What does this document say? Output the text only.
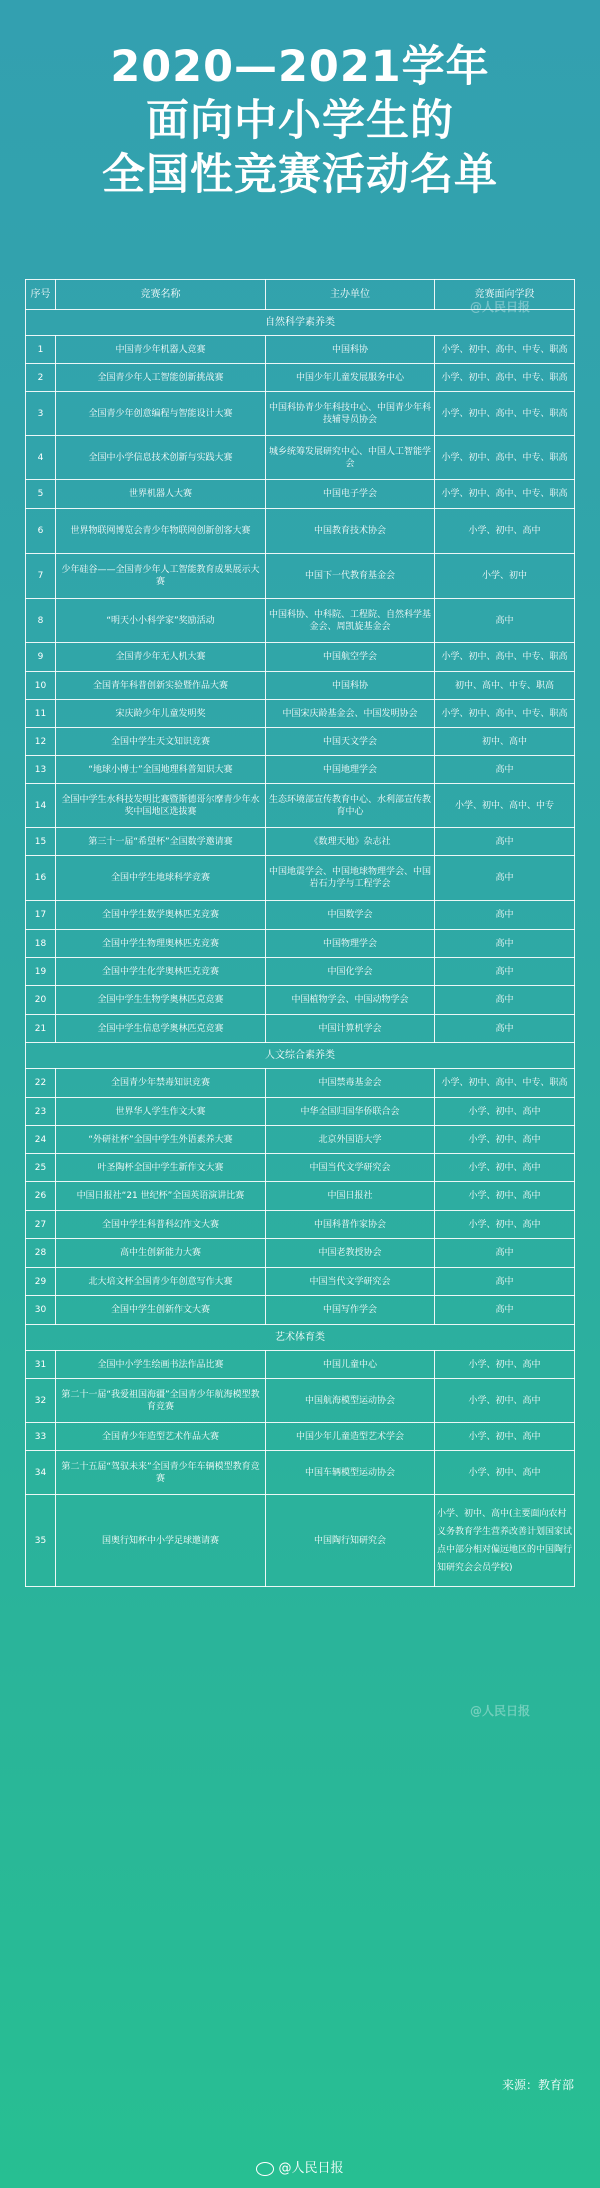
2020—2021学年
面向中小学生的
全国性竞赛活动名单
序号	竞赛名称	主办单位	竞赛面向学段
自然科学素养类			
1	中国青少年机器人竞赛	中国科协	小学、初中、高中、中专、职高
2	全国青少年人工智能创新挑战赛	中国少年儿童发展服务中心	小学、初中、高中、中专、职高
3	全国青少年创意编程与智能设计大赛	中国科协青少年科技中心、中国青少年科技辅导员协会	小学、初中、高中、中专、职高
4	全国中小学信息技术创新与实践大赛	城乡统筹发展研究中心、中国人工智能学会	小学、初中、高中、中专、职高
5	世界机器人大赛	中国电子学会	小学、初中、高中、中专、职高
6	世界物联网博览会青少年物联网创新创客大赛	中国教育技术协会	小学、初中、高中
7	少年硅谷——全国青少年人工智能教育成果展示大赛	中国下一代教育基金会	小学、初中
8	“明天小小科学家”奖励活动	中国科协、中科院、工程院、自然科学基金会、周凯旋基金会	高中
9	全国青少年无人机大赛	中国航空学会	小学、初中、高中、中专、职高
10	全国青年科普创新实验暨作品大赛	中国科协	初中、高中、中专、职高
11	宋庆龄少年儿童发明奖	中国宋庆龄基金会、中国发明协会	小学、初中、高中、中专、职高
12	全国中学生天文知识竞赛	中国天文学会	初中、高中
13	“地球小博士”全国地理科普知识大赛	中国地理学会	高中
14	全国中学生水科技发明比赛暨斯德哥尔摩青少年水奖中国地区选拔赛	生态环境部宣传教育中心、水利部宣传教育中心	小学、初中、高中、中专
15	第三十一届“希望杯”全国数学邀请赛	《数理天地》杂志社	高中
16	全国中学生地球科学竞赛	中国地震学会、中国地球物理学会、中国岩石力学与工程学会	高中
17	全国中学生数学奥林匹克竞赛	中国数学会	高中
18	全国中学生物理奥林匹克竞赛	中国物理学会	高中
19	全国中学生化学奥林匹克竞赛	中国化学会	高中
20	全国中学生生物学奥林匹克竞赛	中国植物学会、中国动物学会	高中
21	全国中学生信息学奥林匹克竞赛	中国计算机学会	高中
人文综合素养类			
22	全国青少年禁毒知识竞赛	中国禁毒基金会	小学、初中、高中、中专、职高
23	世界华人学生作文大赛	中华全国归国华侨联合会	小学、初中、高中
24	“外研社杯”全国中学生外语素养大赛	北京外国语大学	小学、初中、高中
25	叶圣陶杯全国中学生新作文大赛	中国当代文学研究会	小学、初中、高中
26	中国日报社“21 世纪杯”全国英语演讲比赛	中国日报社	小学、初中、高中
27	全国中学生科普科幻作文大赛	中国科普作家协会	小学、初中、高中
28	高中生创新能力大赛	中国老教授协会	高中
29	北大培文杯全国青少年创意写作大赛	中国当代文学研究会	高中
30	全国中学生创新作文大赛	中国写作学会	高中
艺术体育类			
31	全国中小学生绘画书法作品比赛	中国儿童中心	小学、初中、高中
32	第二十一届“我爱祖国海疆”全国青少年航海模型教育竞赛	中国航海模型运动协会	小学、初中、高中
33	全国青少年造型艺术作品大赛	中国少年儿童造型艺术学会	小学、初中、高中
34	第二十五届“驾驭未来”全国青少年车辆模型教育竞赛	中国车辆模型运动协会	小学、初中、高中
35	国奥行知杯中小学足球邀请赛	中国陶行知研究会	小学、初中、高中(主要面向农村义务教育学生营养改善计划国家试点中部分相对偏远地区的中国陶行知研究会会员学校)
@人民日报
@人民日报
来源：教育部
@人民日报
